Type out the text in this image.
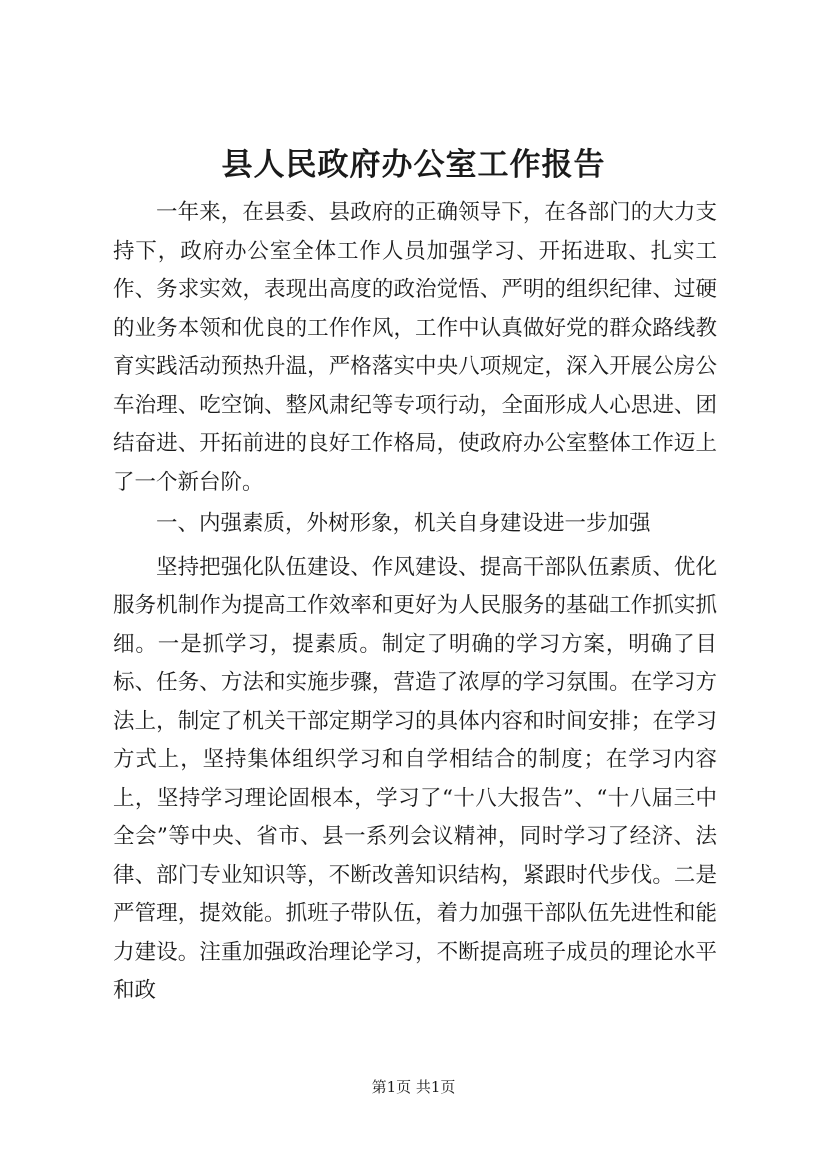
县人民政府办公室工作报告

一年来，在县委、县政府的正确领导下，在各部门的大力支持下，政府办公室全体工作人员加强学习、开拓进取、扎实工作、务求实效，表现出高度的政治觉悟、严明的组织纪律、过硬的业务本领和优良的工作作风，工作中认真做好党的群众路线教育实践活动预热升温，严格落实中央八项规定，深入开展公房公车治理、吃空饷、整风肃纪等专项行动，全面形成人心思进、团结奋进、开拓前进的良好工作格局，使政府办公室整体工作迈上了一个新台阶。

一、内强素质，外树形象，机关自身建设进一步加强

坚持把强化队伍建设、作风建设、提高干部队伍素质、优化服务机制作为提高工作效率和更好为人民服务的基础工作抓实抓细。一是抓学习，提素质。制定了明确的学习方案，明确了目标、任务、方法和实施步骤，营造了浓厚的学习氛围。在学习方法上，制定了机关干部定期学习的具体内容和时间安排；在学习方式上，坚持集体组织学习和自学相结合的制度；在学习内容上，坚持学习理论固根本，学习了“十八大报告”、“十八届三中全会”等中央、省市、县一系列会议精神，同时学习了经济、法律、部门专业知识等，不断改善知识结构，紧跟时代步伐。二是严管理，提效能。抓班子带队伍，着力加强干部队伍先进性和能力建设。注重加强政治理论学习，不断提高班子成员的理论水平和政

第1页 共1页
